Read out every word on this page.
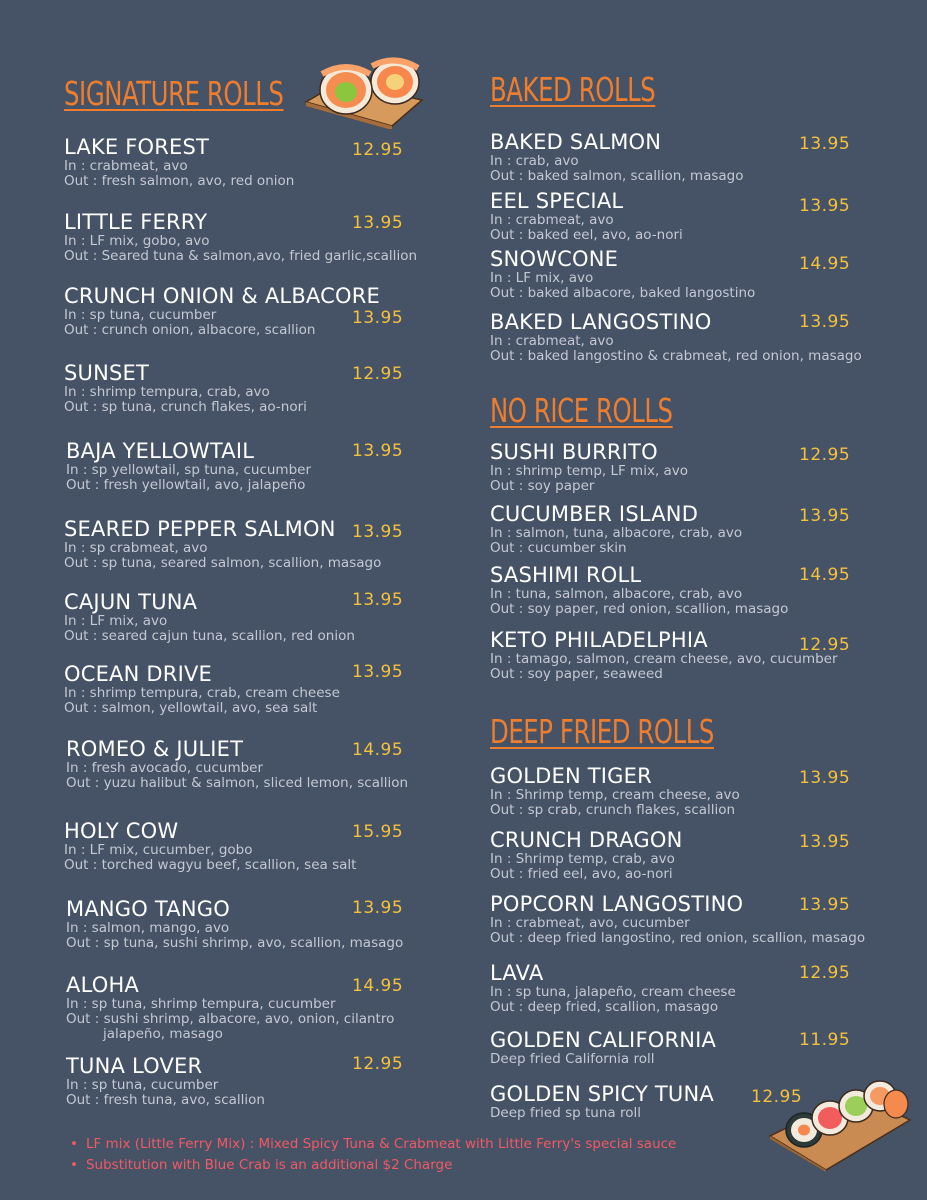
SIGNATURE ROLLS	BAKED ROLLS
NO RICE ROLLS
DEEP FRIED ROLLS
LAKE FOREST
In : crabmeat, avo
Out : fresh salmon, avo, red onion
12.95
LITTLE FERRY
In : LF mix, gobo, avo
Out : Seared tuna & salmon,avo, fried garlic,scallion
13.95
CRUNCH ONION & ALBACORE
In : sp tuna, cucumber
Out : crunch onion, albacore, scallion
13.95
SUNSET
In : shrimp tempura, crab, avo
Out : sp tuna, crunch flakes, ao-nori
12.95
BAJA YELLOWTAIL
In : sp yellowtail, sp tuna, cucumber
Out : fresh yellowtail, avo, jalapeño
13.95
SEARED PEPPER SALMON
In : sp crabmeat, avo
Out : sp tuna, seared salmon, scallion, masago
13.95
CAJUN TUNA
In : LF mix, avo
Out : seared cajun tuna, scallion, red onion
13.95
OCEAN DRIVE
In : shrimp tempura, crab, cream cheese
Out : salmon, yellowtail, avo, sea salt
13.95
ROMEO & JULIET
In : fresh avocado, cucumber
Out : yuzu halibut & salmon, sliced lemon, scallion
14.95
HOLY COW
In : LF mix, cucumber, gobo
Out : torched wagyu beef, scallion, sea salt
15.95
MANGO TANGO
In : salmon, mango, avo
Out : sp tuna, sushi shrimp, avo, scallion, masago
13.95
ALOHA
In : sp tuna, shrimp tempura, cucumber
Out : sushi shrimp, albacore, avo, onion, cilantro
jalapeño, masago
14.95
TUNA LOVER
In : sp tuna, cucumber
Out : fresh tuna, avo, scallion
12.95
BAKED SALMON
In : crab, avo
Out : baked salmon, scallion, masago
13.95
EEL SPECIAL
In : crabmeat, avo
Out : baked eel, avo, ao-nori
13.95
SNOWCONE
In : LF mix, avo
Out : baked albacore, baked langostino
14.95
BAKED LANGOSTINO
In : crabmeat, avo
Out : baked langostino & crabmeat, red onion, masago
13.95
SUSHI BURRITO
In : shrimp temp, LF mix, avo
Out : soy paper
12.95
CUCUMBER ISLAND
In : salmon, tuna, albacore, crab, avo
Out : cucumber skin
13.95
SASHIMI ROLL
In : tuna, salmon, albacore, crab, avo
Out : soy paper, red onion, scallion, masago
14.95
KETO PHILADELPHIA
In : tamago, salmon, cream cheese, avo, cucumber
Out : soy paper, seaweed
12.95
GOLDEN TIGER
In : Shrimp temp, cream cheese, avo
Out : sp crab, crunch flakes, scallion
13.95
CRUNCH DRAGON
In : Shrimp temp, crab, avo
Out : fried eel, avo, ao-nori
13.95
POPCORN LANGOSTINO
In : crabmeat, avo, cucumber
Out : deep fried langostino, red onion, scallion, masago
13.95
LAVA
In : sp tuna, jalapeño, cream cheese
Out : deep fried, scallion, masago
12.95
GOLDEN CALIFORNIA
Deep fried California roll
11.95
GOLDEN SPICY TUNA
Deep fried sp tuna roll
12.95
• LF mix (Little Ferry Mix) : Mixed Spicy Tuna & Crabmeat with Little Ferry's special sauce
• Substitution with Blue Crab is an additional $2 Charge
